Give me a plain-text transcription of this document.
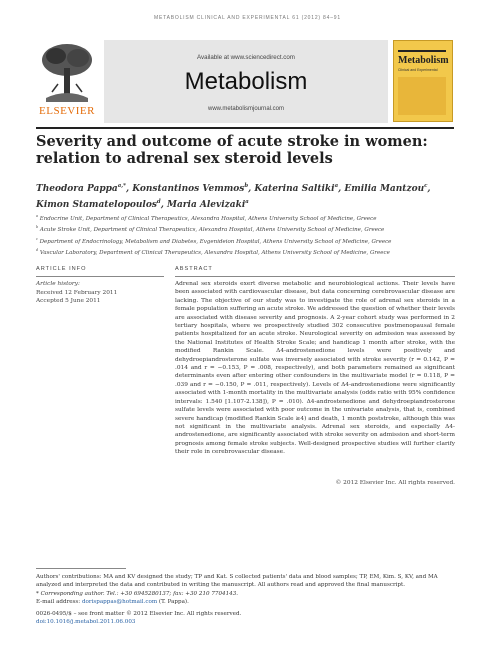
METABOLISM CLINICAL AND EXPERIMENTAL 61 (2012) 84–91
ELSEVIER
Available at www.sciencedirect.com
Metabolism
www.metabolismjournal.com
Metabolism
Clinical and Experimental
Severity and outcome of acute stroke in women: relation to adrenal sex steroid levels
Theodora Pappa$^{a,*}$, Konstantinos Vemmos$^b$, Katerina Saltiki$^a$, Emilia Mantzou$^c$,
Kimon Stamatelopoulos$^d$, Maria Alevizaki$^a$
$^a$ Endocrine Unit, Department of Clinical Therapeutics, Alexandra Hospital, Athens University School of Medicine, Greece
$^b$ Acute Stroke Unit, Department of Clinical Therapeutics, Alexandra Hospital, Athens University School of Medicine, Greece
$^c$ Department of Endocrinology, Metabolism and Diabetes, Evgenideion Hospital, Athens University School of Medicine, Greece
$^d$ Vascular Laboratory, Department of Clinical Therapeutics, Alexandra Hospital, Athens University School of Medicine, Greece
ARTICLE INFO	ABSTRACT
Article history:
Received 12 February 2011
Accepted 5 June 2011
Adrenal sex steroids exert diverse metabolic and neurobiological actions. Their levels have been associated with cardiovascular disease, but data concerning cerebrovascular disease are lacking. The objective of our study was to investigate the role of adrenal sex steroids in a female population suffering an acute stroke. We addressed the question of whether their levels are associated with disease severity and prognosis. A 2-year cohort study was performed in 2 tertiary hospitals, where we prospectively studied 302 consecutive postmenopausal female patients hospitalized for an acute stroke. Neurological severity on admission was assessed by the National Institutes of Health Stroke Scale; and handicap 1 month after stroke, with the modified Rankin Scale. Δ4-androstenedione levels were positively and dehydroepiandrosterone sulfate was inversely associated with stroke severity (r = 0.142, P = .014 and r = −0.153, P = .008, respectively), and both parameters remained as significant determinants even after entering other confounders in the multivariate model (r = 0.118, P = .039 and r = −0.150, P = .011, respectively). Levels of Δ4-androstenedione were significantly associated with 1-month mortality in the multivariate analysis (odds ratio with 95% confidence intervals: 1.540 [1.107-2.138]), P = .010). Δ4-androstenedione and dehydroepiandrosterone sulfate levels were associated with poor outcome in the univariate analysis, that is, combined severe handicap (modified Rankin Scale ≥4) and death, 1 month poststroke, although this was not significant in the multivariate analysis. Adrenal sex steroids, and especially Δ4-androstenedione, are significantly associated with stroke severity on admission and short-term prognosis among female stroke subjects. Well-designed prospective studies will further clarify their role in cerebrovascular disease.
© 2012 Elsevier Inc. All rights reserved.
Authors' contributions: MA and KV designed the study; TP and Kat. S collected patients' data and blood samples; TP, EM, Kim. S, KV, and MA analyzed and interpreted the data and contributed in writing the manuscript. All authors read and approved the final manuscript.
* Corresponding author. Tel.: +30 6945280137; fax: +30 210 7704143.
E-mail address: dorispappas@hotmail.com (T. Pappa).
0026-0495/$ – see front matter © 2012 Elsevier Inc. All rights reserved.
doi:10.1016/j.metabol.2011.06.003
